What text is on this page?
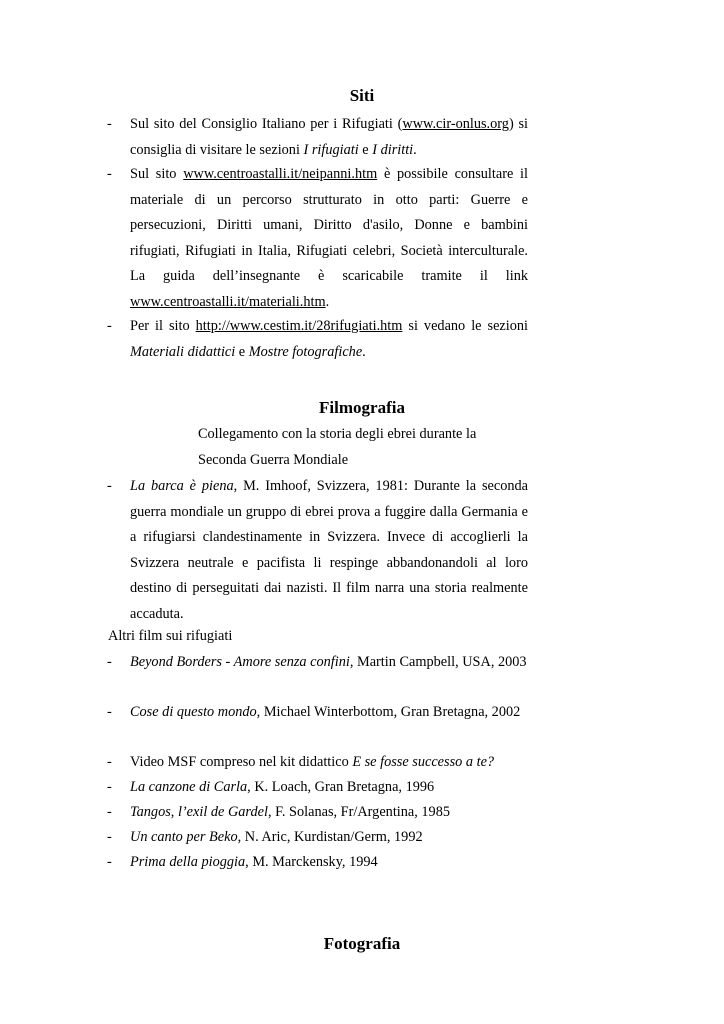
Siti
- Sul sito del Consiglio Italiano per i Rifugiati (www.cir-onlus.org) si consiglia di visitare le sezioni I rifugiati e I diritti.
- Sul sito www.centroastalli.it/neipanni.htm è possibile consultare il materiale di un percorso strutturato in otto parti: Guerre e persecuzioni, Diritti umani, Diritto d'asilo, Donne e bambini rifugiati, Rifugiati in Italia, Rifugiati celebri, Società interculturale. La guida dell’insegnante è scaricabile tramite il link www.centroastalli.it/materiali.htm.
- Per il sito http://www.cestim.it/28rifugiati.htm si vedano le sezioni Materiali didattici e Mostre fotografiche.
Filmografia
Collegamento con la storia degli ebrei durante la
Seconda Guerra Mondiale
- La barca è piena, M. Imhoof, Svizzera, 1981: Durante la seconda guerra mondiale un gruppo di ebrei prova a fuggire dalla Germania e a rifugiarsi clandestinamente in Svizzera. Invece di accoglierli la Svizzera neutrale e pacifista li respinge abbandonandoli al loro destino di perseguitati dai nazisti. Il film narra una storia realmente accaduta.
Altri film sui rifugiati
- Beyond Borders - Amore senza confini, Martin Campbell, USA, 2003
- Cose di questo mondo, Michael Winterbottom, Gran Bretagna, 2002
- Video MSF compreso nel kit didattico E se fosse successo a te?
- La canzone di Carla, K. Loach, Gran Bretagna, 1996
- Tangos, l’exil de Gardel, F. Solanas, Fr/Argentina, 1985
- Un canto per Beko, N. Aric, Kurdistan/Germ, 1992
- Prima della pioggia, M. Marckensky, 1994
Fotografia
